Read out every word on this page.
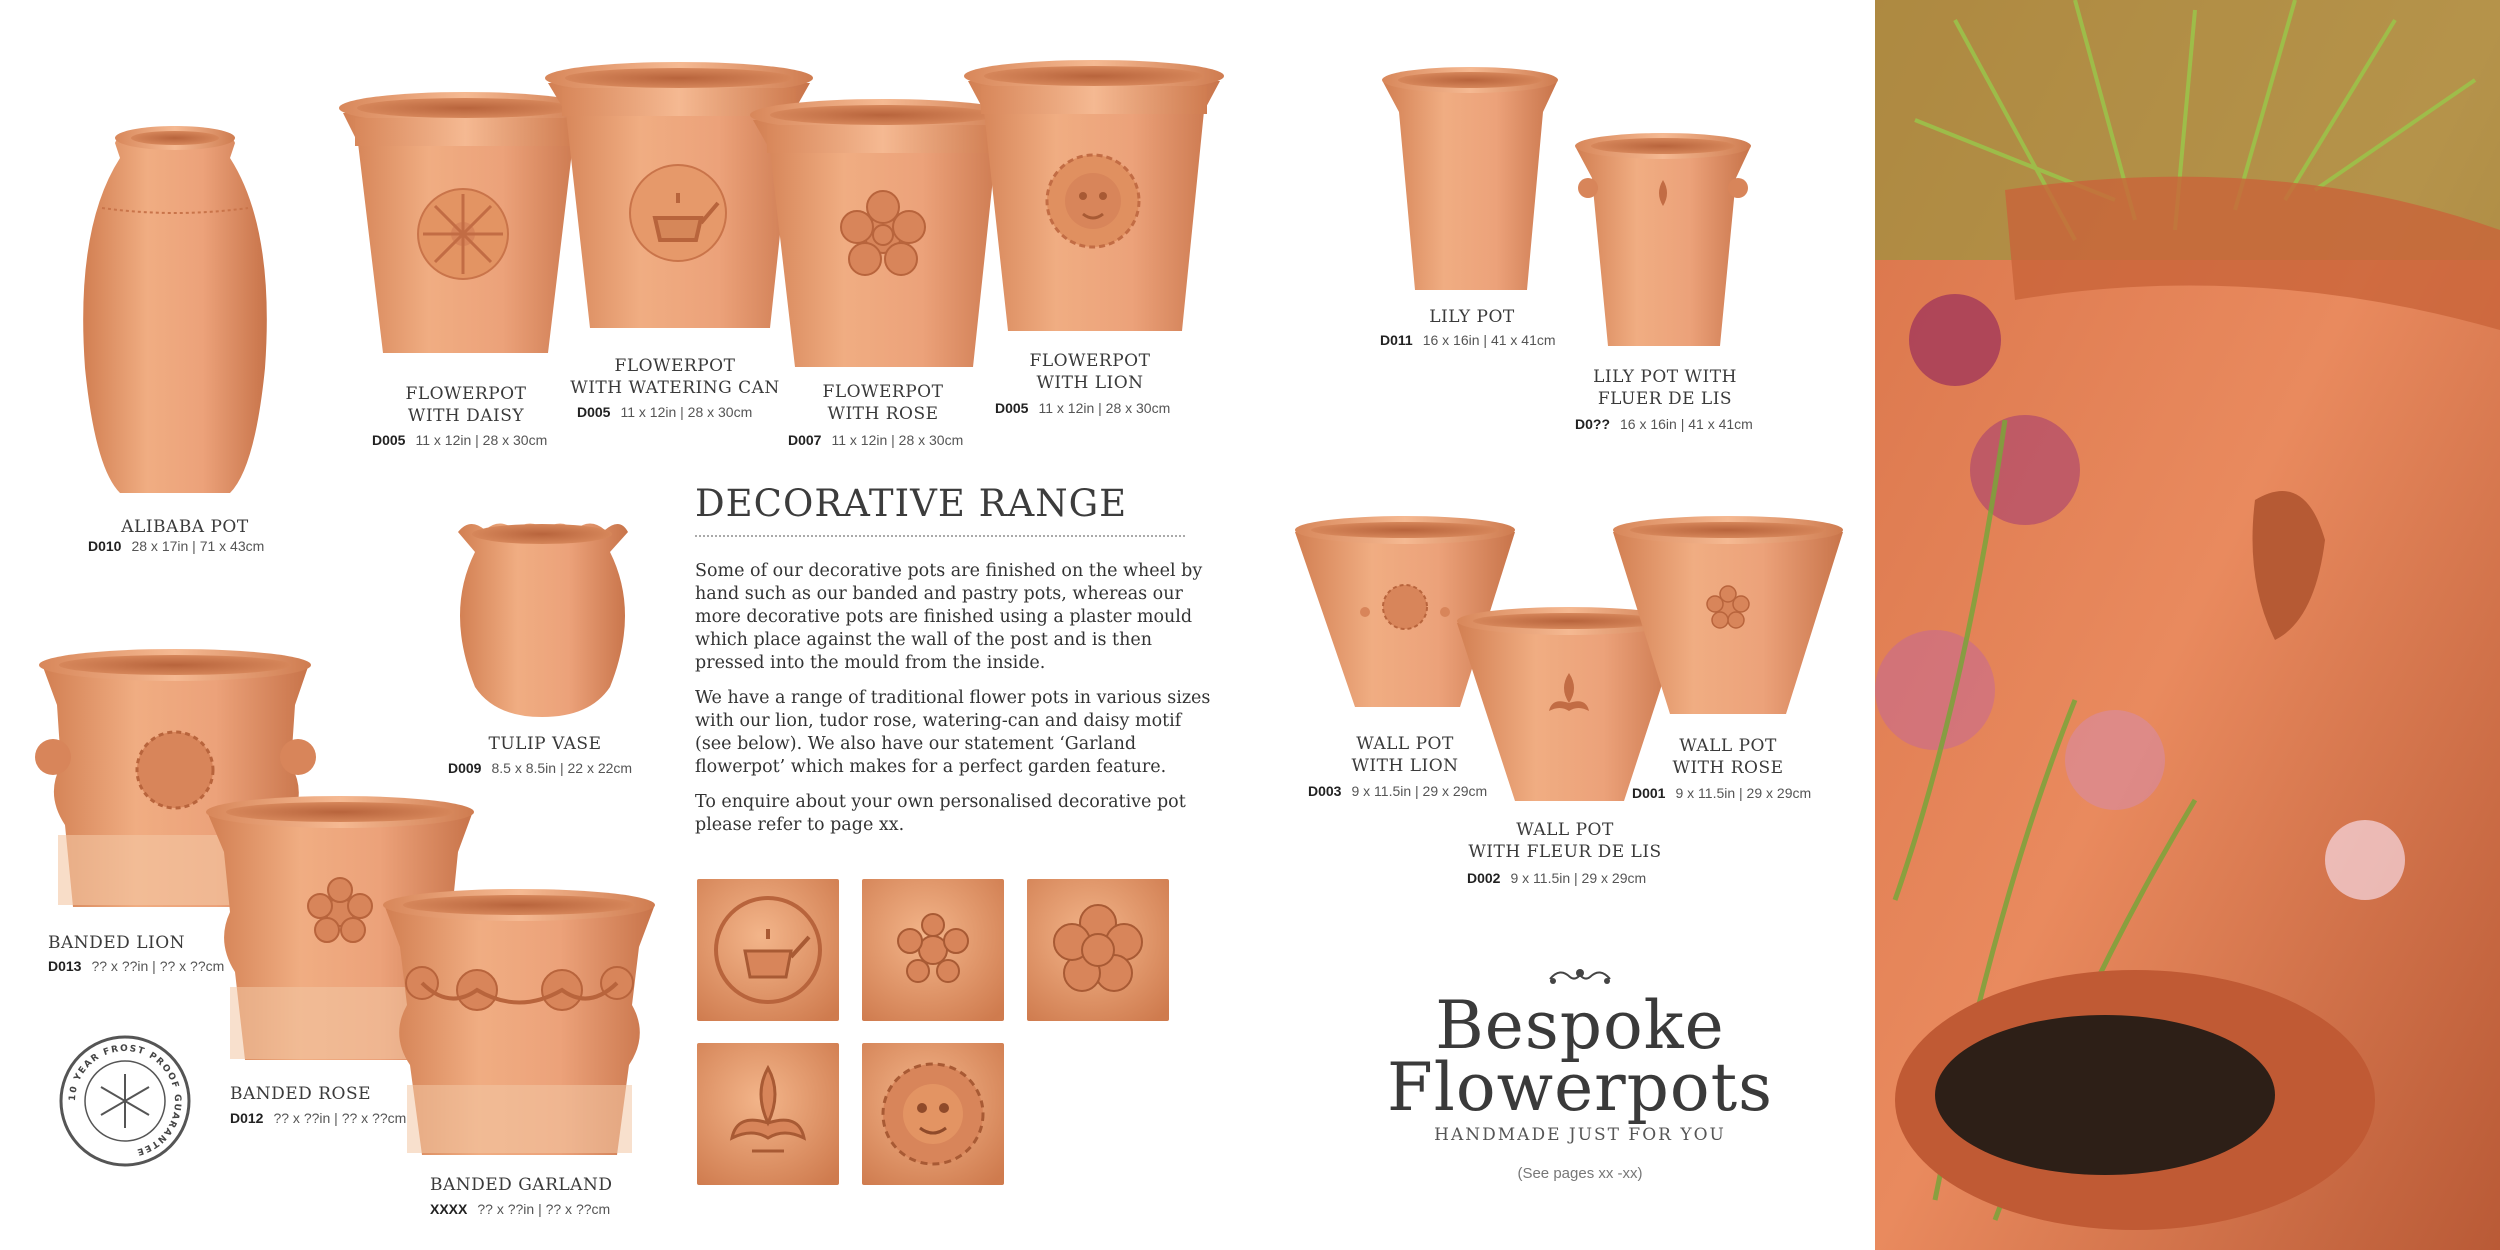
ALIBABA POT
D010 28 x 17in | 71 x 43cm
FLOWERPOT
WITH DAISY
D005 11 x 12in | 28 x 30cm
FLOWERPOT
WITH WATERING CAN
D005 11 x 12in | 28 x 30cm
FLOWERPOT
WITH ROSE
D007 11 x 12in | 28 x 30cm
FLOWERPOT
WITH LION
D005 11 x 12in | 28 x 30cm
TULIP VASE
D009 8.5 x 8.5in | 22 x 22cm
BANDED LION
D013 ?? x ??in | ?? x ??cm
BANDED ROSE
D012 ?? x ??in | ?? x ??cm
BANDED GARLAND
XXXX ?? x ??in | ?? x ??cm
10 YEAR FROST PROOF GUARANTEE
DECORATIVE RANGE

Some of our decorative pots are finished on the wheel by hand such as our banded and pastry pots, whereas our more decorative pots are finished using a plaster mould which place against the wall of the post and is then pressed into the mould from the inside.

We have a range of traditional flower pots in various sizes with our lion, tudor rose, watering-can and daisy motif (see below). We also have our statement ‘Garland flowerpot’ which makes for a perfect garden feature.

To enquire about your own personalised decorative pot please refer to page xx.

LILY POT
D011 16 x 16in | 41 x 41cm
LILY POT WITH
FLUER DE LIS
D0?? 16 x 16in | 41 x 41cm
WALL POT
WITH LION
D003 9 x 11.5in | 29 x 29cm
WALL POT
WITH FLEUR DE LIS
D002 9 x 11.5in | 29 x 29cm
WALL POT
WITH ROSE
D001 9 x 11.5in | 29 x 29cm
Bespoke
Flowerpots
HANDMADE JUST FOR YOU
(See pages xx -xx)
